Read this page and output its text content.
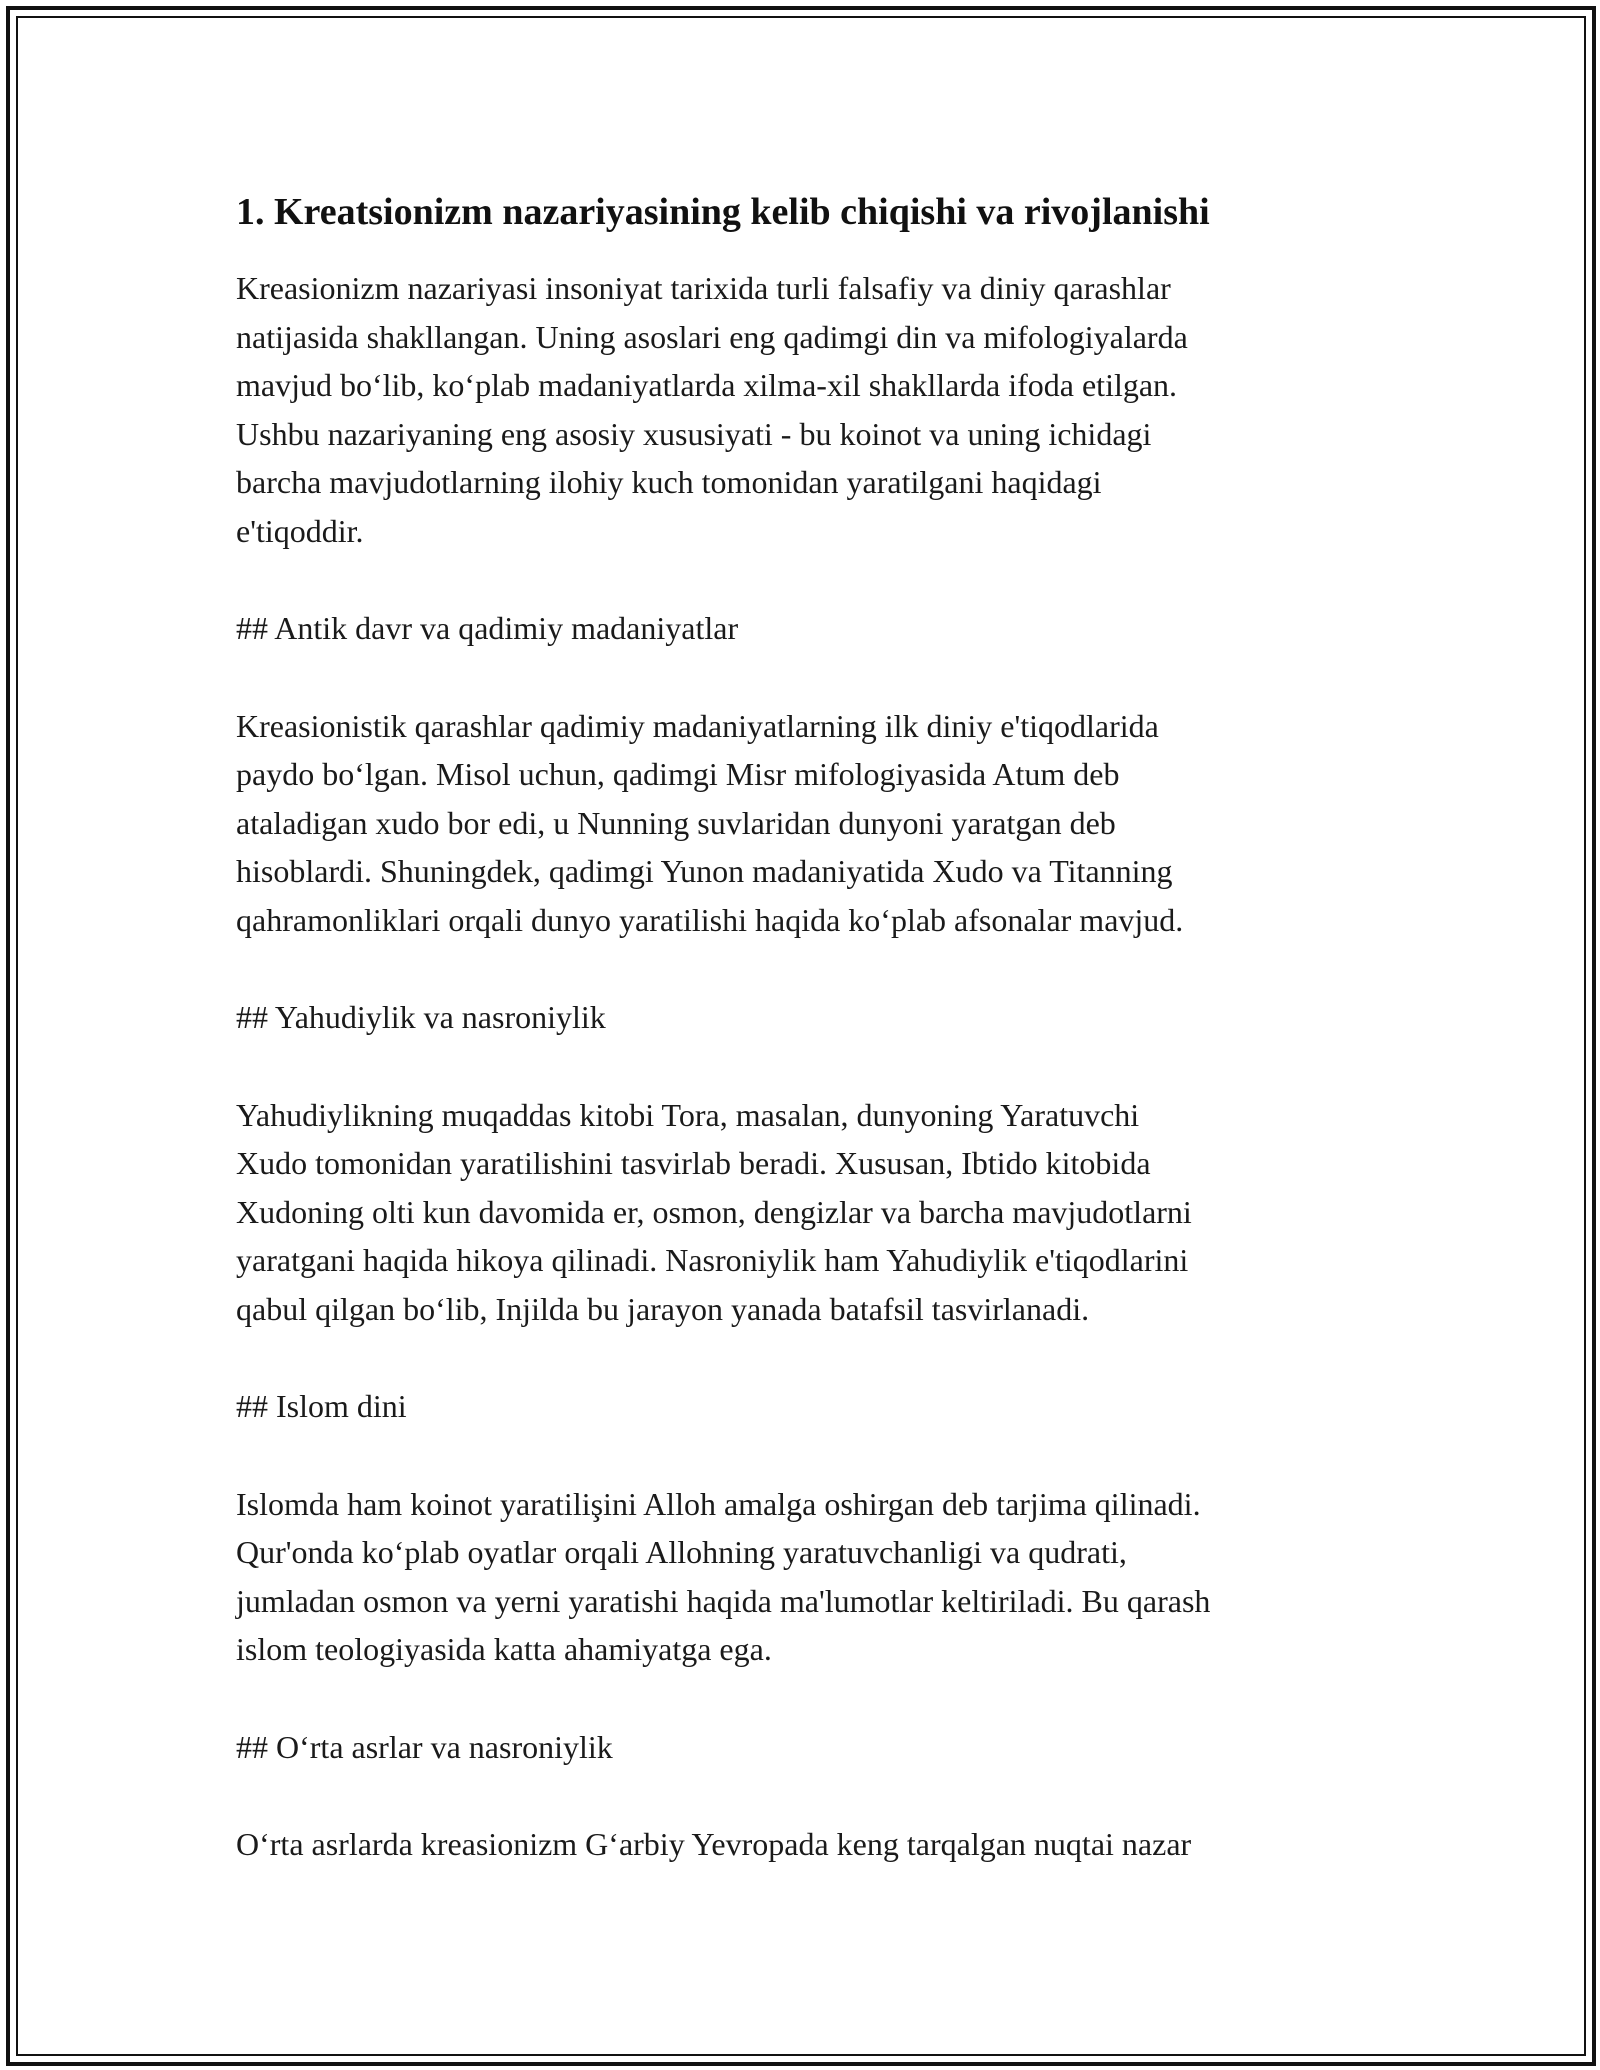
1. Kreatsionizm nazariyasining kelib chiqishi va rivojlanishi

Kreasionizm nazariyasi insoniyat tarixida turli falsafiy va diniy qarashlar
natijasida shakllangan. Uning asoslari eng qadimgi din va mifologiyalarda
mavjud bo‘lib, ko‘plab madaniyatlarda xilma-xil shakllarda ifoda etilgan.
Ushbu nazariyaning eng asosiy xususiyati - bu koinot va uning ichidagi
barcha mavjudotlarning ilohiy kuch tomonidan yaratilgani haqidagi
e'tiqoddir.

## Antik davr va qadimiy madaniyatlar

Kreasionistik qarashlar qadimiy madaniyatlarning ilk diniy e'tiqodlarida
paydo bo‘lgan. Misol uchun, qadimgi Misr mifologiyasida Atum deb
ataladigan xudo bor edi, u Nunning suvlaridan dunyoni yaratgan deb
hisoblardi. Shuningdek, qadimgi Yunon madaniyatida Xudo va Titanning
qahramonliklari orqali dunyo yaratilishi haqida ko‘plab afsonalar mavjud.

## Yahudiylik va nasroniylik

Yahudiylikning muqaddas kitobi Tora, masalan, dunyoning Yaratuvchi
Xudo tomonidan yaratilishini tasvirlab beradi. Xususan, Ibtido kitobida
Xudoning olti kun davomida er, osmon, dengizlar va barcha mavjudotlarni
yaratgani haqida hikoya qilinadi. Nasroniylik ham Yahudiylik e'tiqodlarini
qabul qilgan bo‘lib, Injilda bu jarayon yanada batafsil tasvirlanadi.

## Islom dini

Islomda ham koinot yaratilişini Alloh amalga oshirgan deb tarjima qilinadi.
Qur'onda ko‘plab oyatlar orqali Allohning yaratuvchanligi va qudrati,
jumladan osmon va yerni yaratishi haqida ma'lumotlar keltiriladi. Bu qarash
islom teologiyasida katta ahamiyatga ega.

## O‘rta asrlar va nasroniylik

O‘rta asrlarda kreasionizm G‘arbiy Yevropada keng tarqalgan nuqtai nazar
